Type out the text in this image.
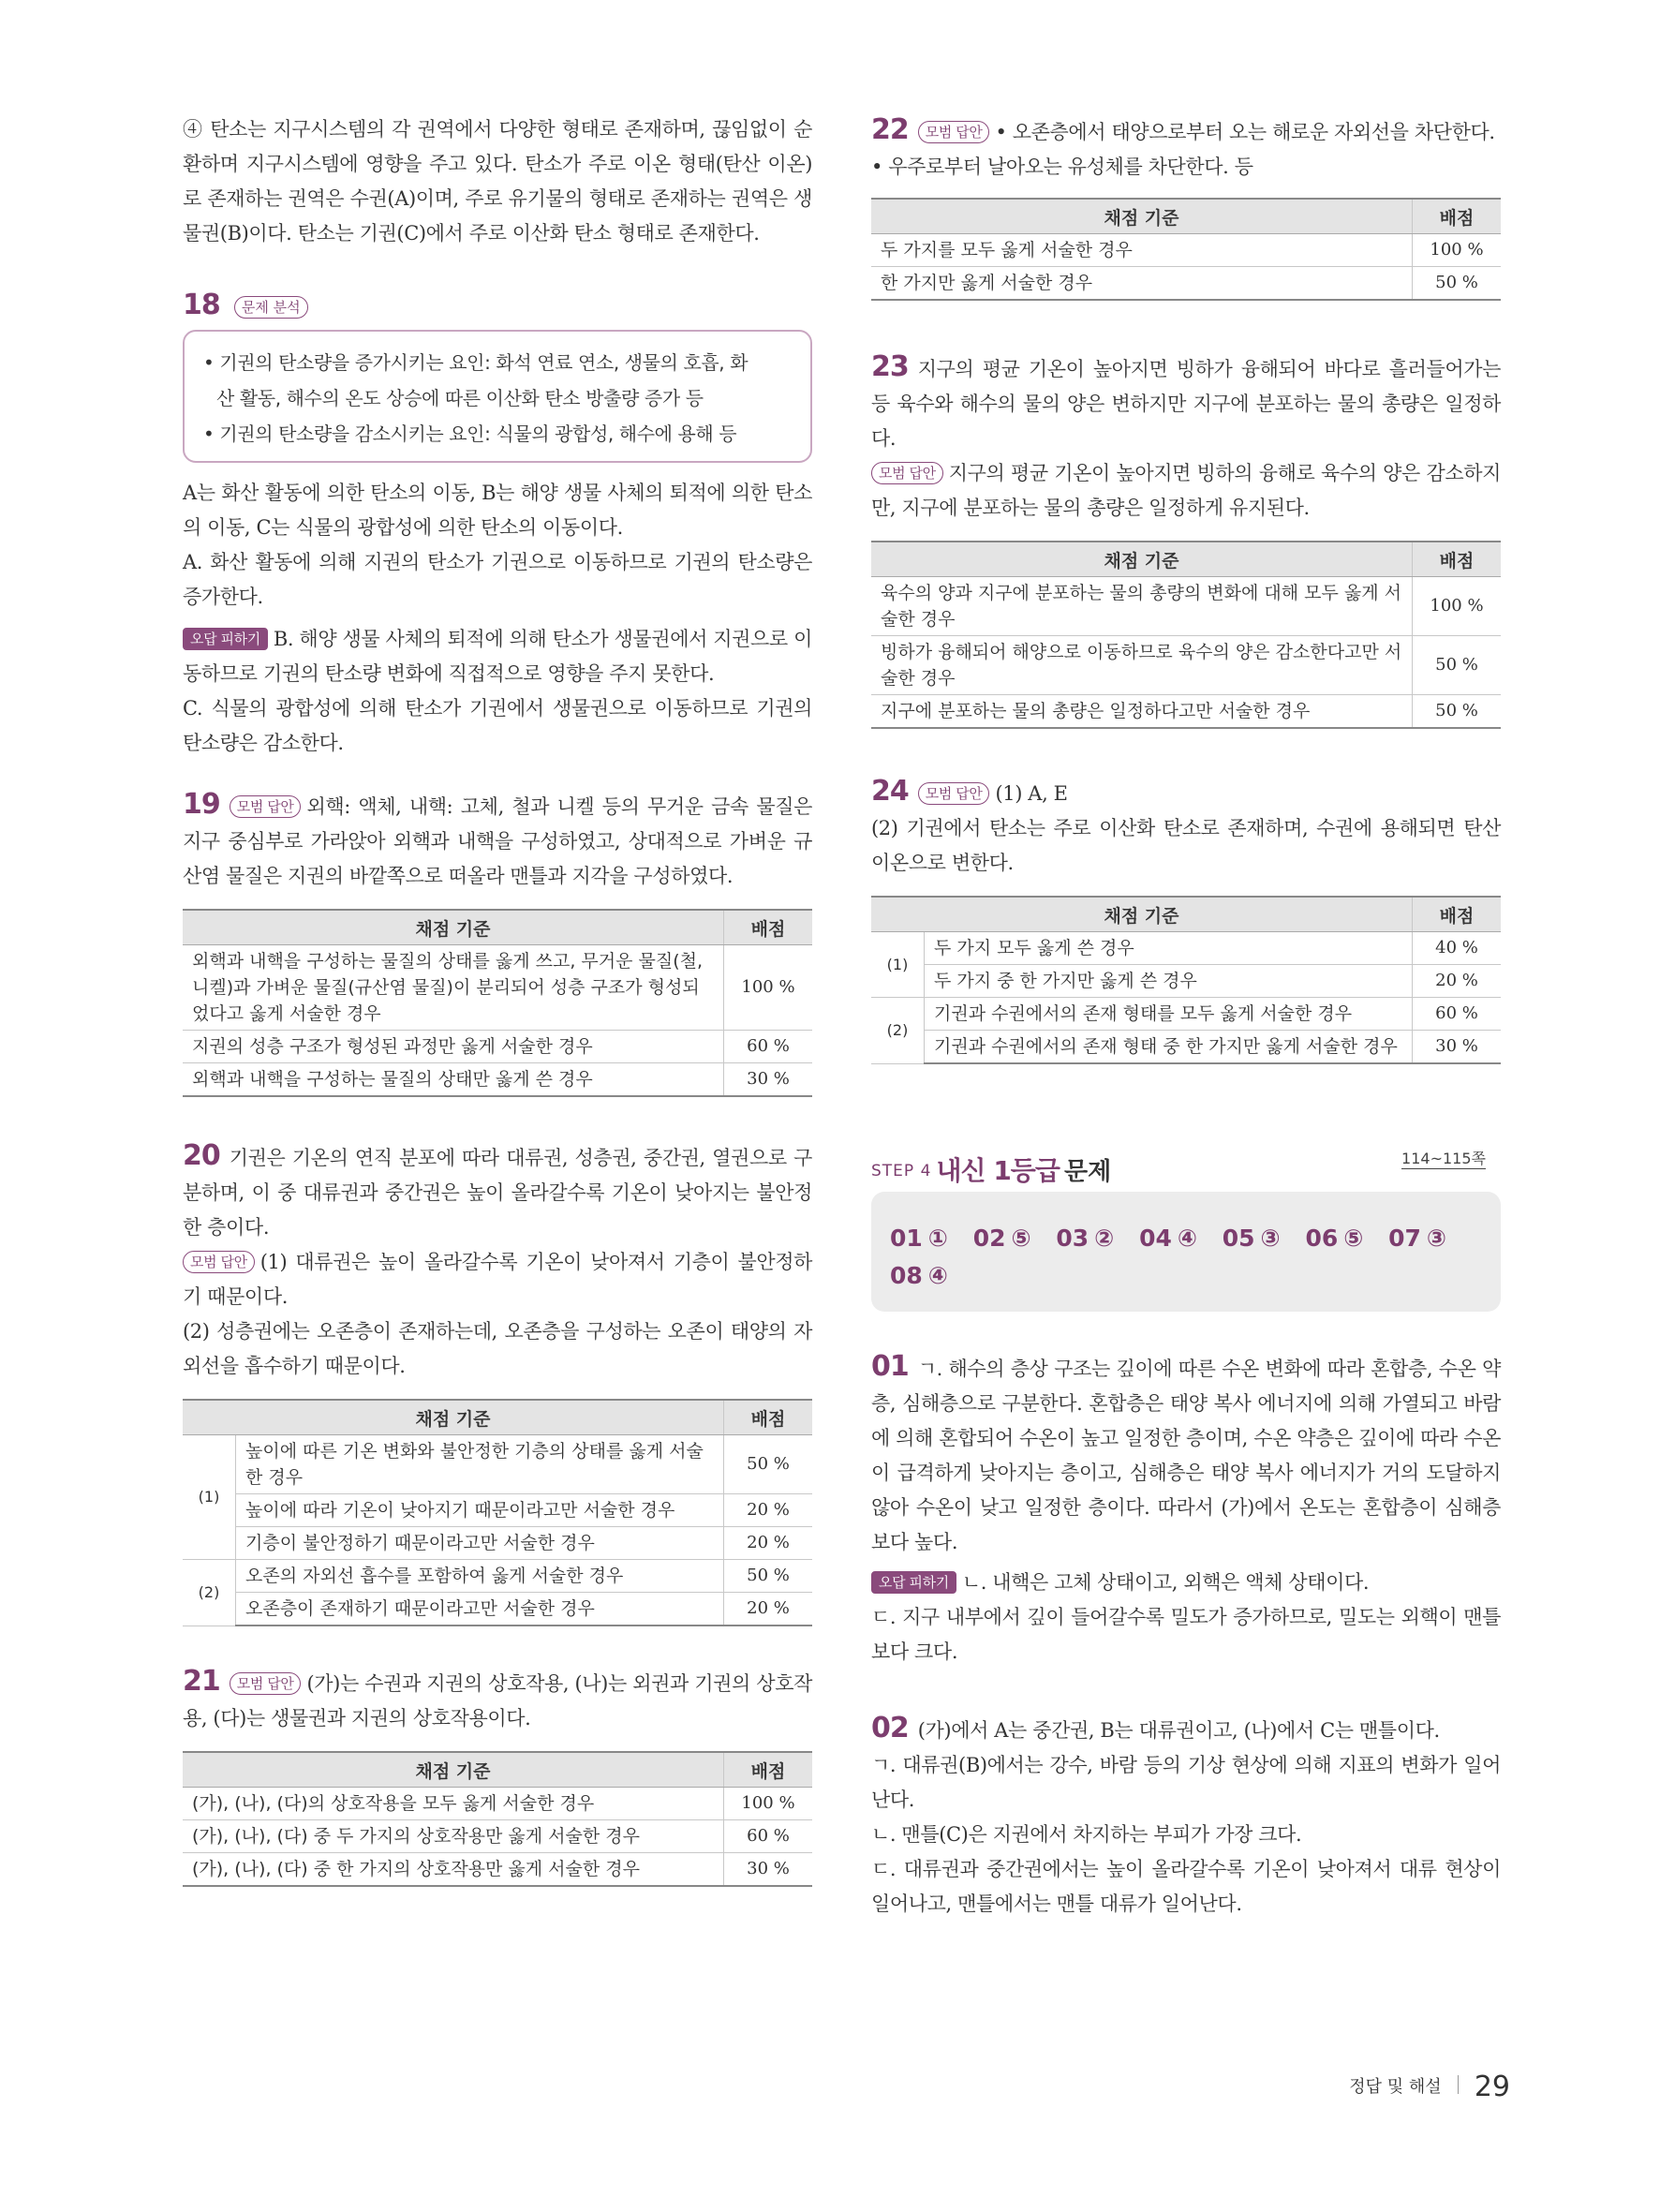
④ 탄소는 지구시스템의 각 권역에서 다양한 형태로 존재하며, 끊임없이 순환하며 지구시스템에 영향을 주고 있다. 탄소가 주로 이온 형태(탄산 이온)로 존재하는 권역은 수권(A)이며, 주로 유기물의 형태로 존재하는 권역은 생물권(B)이다. 탄소는 기권(C)에서 주로 이산화 탄소 형태로 존재한다.

18 문제 분석

• 기권의 탄소량을 증가시키는 요인: 화석 연료 연소, 생물의 호흡, 화

산 활동, 해수의 온도 상승에 따른 이산화 탄소 방출량 증가 등

• 기권의 탄소량을 감소시키는 요인: 식물의 광합성, 해수에 용해 등

A는 화산 활동에 의한 탄소의 이동, B는 해양 생물 사체의 퇴적에 의한 탄소의 이동, C는 식물의 광합성에 의한 탄소의 이동이다.

A. 화산 활동에 의해 지권의 탄소가 기권으로 이동하므로 기권의 탄소량은 증가한다.

오답 피하기 B. 해양 생물 사체의 퇴적에 의해 탄소가 생물권에서 지권으로 이동하므로 기권의 탄소량 변화에 직접적으로 영향을 주지 못한다.

C. 식물의 광합성에 의해 탄소가 기권에서 생물권으로 이동하므로 기권의 탄소량은 감소한다.

19 모범 답안 외핵: 액체, 내핵: 고체, 철과 니켈 등의 무거운 금속 물질은 지구 중심부로 가라앉아 외핵과 내핵을 구성하였고, 상대적으로 가벼운 규산염 물질은 지권의 바깥쪽으로 떠올라 맨틀과 지각을 구성하였다.

채점 기준	배점
외핵과 내핵을 구성하는 물질의 상태를 옳게 쓰고, 무거운 물질(철, 니켈)과 가벼운 물질(규산염 물질)이 분리되어 성층 구조가 형성되었다고 옳게 서술한 경우	100 %
지권의 성층 구조가 형성된 과정만 옳게 서술한 경우	60 %
외핵과 내핵을 구성하는 물질의 상태만 옳게 쓴 경우	30 %

20 기권은 기온의 연직 분포에 따라 대류권, 성층권, 중간권, 열권으로 구분하며, 이 중 대류권과 중간권은 높이 올라갈수록 기온이 낮아지는 불안정한 층이다.

모범 답안 (1) 대류권은 높이 올라갈수록 기온이 낮아져서 기층이 불안정하기 때문이다.

(2) 성층권에는 오존층이 존재하는데, 오존층을 구성하는 오존이 태양의 자외선을 흡수하기 때문이다.

채점 기준		배점
(1)	높이에 따른 기온 변화와 불안정한 기층의 상태를 옳게 서술한 경우	50 %
	높이에 따라 기온이 낮아지기 때문이라고만 서술한 경우	20 %
	기층이 불안정하기 때문이라고만 서술한 경우	20 %
(2)	오존의 자외선 흡수를 포함하여 옳게 서술한 경우	50 %
	오존층이 존재하기 때문이라고만 서술한 경우	20 %

21 모범 답안 (가)는 수권과 지권의 상호작용, (나)는 외권과 기권의 상호작용, (다)는 생물권과 지권의 상호작용이다.

채점 기준	배점
(가), (나), (다)의 상호작용을 모두 옳게 서술한 경우	100 %
(가), (나), (다) 중 두 가지의 상호작용만 옳게 서술한 경우	60 %
(가), (나), (다) 중 한 가지의 상호작용만 옳게 서술한 경우	30 %

22 모범 답안 • 오존층에서 태양으로부터 오는 해로운 자외선을 차단한다.

• 우주로부터 날아오는 유성체를 차단한다. 등

채점 기준	배점
두 가지를 모두 옳게 서술한 경우	100 %
한 가지만 옳게 서술한 경우	50 %

23 지구의 평균 기온이 높아지면 빙하가 융해되어 바다로 흘러들어가는 등 육수와 해수의 물의 양은 변하지만 지구에 분포하는 물의 총량은 일정하다.

모범 답안 지구의 평균 기온이 높아지면 빙하의 융해로 육수의 양은 감소하지만, 지구에 분포하는 물의 총량은 일정하게 유지된다.

채점 기준	배점
육수의 양과 지구에 분포하는 물의 총량의 변화에 대해 모두 옳게 서술한 경우	100 %
빙하가 융해되어 해양으로 이동하므로 육수의 양은 감소한다고만 서술한 경우	50 %
지구에 분포하는 물의 총량은 일정하다고만 서술한 경우	50 %

24 모범 답안 (1) A, E

(2) 기권에서 탄소는 주로 이산화 탄소로 존재하며, 수권에 용해되면 탄산 이온으로 변한다.

채점 기준		배점
(1)	두 가지 모두 옳게 쓴 경우	40 %
	두 가지 중 한 가지만 옳게 쓴 경우	20 %
(2)	기권과 수권에서의 존재 형태를 모두 옳게 서술한 경우	60 %
	기권과 수권에서의 존재 형태 중 한 가지만 옳게 서술한 경우	30 %
STEP 4 내신 1등급 문제	114~115쪽
01 ① 02 ⑤ 03 ② 04 ④ 05 ③ 06 ⑤ 07 ③
08 ④

01 ㄱ. 해수의 층상 구조는 깊이에 따른 수온 변화에 따라 혼합층, 수온 약층, 심해층으로 구분한다. 혼합층은 태양 복사 에너지에 의해 가열되고 바람에 의해 혼합되어 수온이 높고 일정한 층이며, 수온 약층은 깊이에 따라 수온이 급격하게 낮아지는 층이고, 심해층은 태양 복사 에너지가 거의 도달하지 않아 수온이 낮고 일정한 층이다. 따라서 (가)에서 온도는 혼합층이 심해층보다 높다.

오답 피하기 ㄴ. 내핵은 고체 상태이고, 외핵은 액체 상태이다.

ㄷ. 지구 내부에서 깊이 들어갈수록 밀도가 증가하므로, 밀도는 외핵이 맨틀보다 크다.

02 (가)에서 A는 중간권, B는 대류권이고, (나)에서 C는 맨틀이다.

ㄱ. 대류권(B)에서는 강수, 바람 등의 기상 현상에 의해 지표의 변화가 일어난다.

ㄴ. 맨틀(C)은 지권에서 차지하는 부피가 가장 크다.

ㄷ. 대류권과 중간권에서는 높이 올라갈수록 기온이 낮아져서 대류 현상이 일어나고, 맨틀에서는 맨틀 대류가 일어난다.

정답 및 해설 29
